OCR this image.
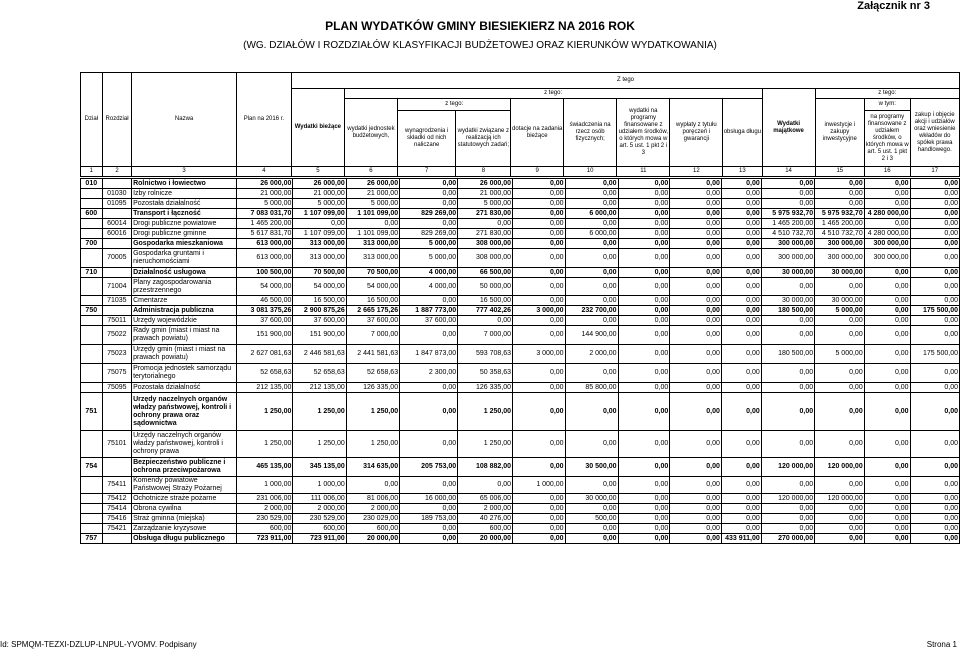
Załącznik nr 3
PLAN WYDATKÓW GMINY BIESIEKIERZ NA 2016 ROK
(WG. DZIAŁÓW I ROZDZIAŁÓW KLASYFIKACJI BUDŻETOWEJ ORAZ KIERUNKÓW WYDATKOWANIA)
Dział	Rozdział	Nazwa	Plan na 2016 r.	Z tego												
				Wydatki bieżące	z tego:								Wydatki majątkowe	z tego:		
					wydatki jednostek budżetowych,	z tego:		dotacje na zadania bieżące	świadczenia na rzecz osób fizycznych;	wydatki na programy finansowane z udziałem środków, o których mowa w art. 5 ust. 1 pkt 2 i 3	wypłaty z tytułu poręczeń i gwarancji	obsługa długu		inwestycje i zakupy inwestycyjne	w tym:	zakup i objęcie akcji i udziałów oraz wniesienie wkładów do spółek prawa handlowego.
						wynagrodzenia i składki od nich naliczane	wydatki związane z realizacją ich statutowych zadań;								na programy finansowane z udziałem środków, o których mowa w art. 5 ust. 1 pkt 2 i 3	
1	2	3	4	5	6	7	8	9	10	11	12	13	14	15	16	17
010		Rolnictwo i łowiectwo	26 000,00	26 000,00	26 000,00	0,00	26 000,00	0,00	0,00	0,00	0,00	0,00	0,00	0,00	0,00	0,00
	01030	Izby rolnicze	21 000,00	21 000,00	21 000,00	0,00	21 000,00	0,00	0,00	0,00	0,00	0,00	0,00	0,00	0,00	0,00
	01095	Pozostała działalność	5 000,00	5 000,00	5 000,00	0,00	5 000,00	0,00	0,00	0,00	0,00	0,00	0,00	0,00	0,00	0,00
600		Transport i łączność	7 083 031,70	1 107 099,00	1 101 099,00	829 269,00	271 830,00	0,00	6 000,00	0,00	0,00	0,00	5 975 932,70	5 975 932,70	4 280 000,00	0,00
	60014	Drogi publiczne powiatowe	1 465 200,00	0,00	0,00	0,00	0,00	0,00	0,00	0,00	0,00	0,00	1 465 200,00	1 465 200,00	0,00	0,00
	60016	Drogi publiczne gminne	5 617 831,70	1 107 099,00	1 101 099,00	829 269,00	271 830,00	0,00	6 000,00	0,00	0,00	0,00	4 510 732,70	4 510 732,70	4 280 000,00	0,00
700		Gospodarka mieszkaniowa	613 000,00	313 000,00	313 000,00	5 000,00	308 000,00	0,00	0,00	0,00	0,00	0,00	300 000,00	300 000,00	300 000,00	0,00
	70005	Gospodarka gruntami i nieruchomościami	613 000,00	313 000,00	313 000,00	5 000,00	308 000,00	0,00	0,00	0,00	0,00	0,00	300 000,00	300 000,00	300 000,00	0,00
710		Działalność usługowa	100 500,00	70 500,00	70 500,00	4 000,00	66 500,00	0,00	0,00	0,00	0,00	0,00	30 000,00	30 000,00	0,00	0,00
	71004	Plany zagospodarowania przestrzennego	54 000,00	54 000,00	54 000,00	4 000,00	50 000,00	0,00	0,00	0,00	0,00	0,00	0,00	0,00	0,00	0,00
	71035	Cmentarze	46 500,00	16 500,00	16 500,00	0,00	16 500,00	0,00	0,00	0,00	0,00	0,00	30 000,00	30 000,00	0,00	0,00
750		Administracja publiczna	3 081 375,26	2 900 875,26	2 665 175,26	1 887 773,00	777 402,26	3 000,00	232 700,00	0,00	0,00	0,00	180 500,00	5 000,00	0,00	175 500,00
	75011	Urzędy wojewódzkie	37 600,00	37 600,00	37 600,00	37 600,00	0,00	0,00	0,00	0,00	0,00	0,00	0,00	0,00	0,00	0,00
	75022	Rady gmin (miast i miast na prawach powiatu)	151 900,00	151 900,00	7 000,00	0,00	7 000,00	0,00	144 900,00	0,00	0,00	0,00	0,00	0,00	0,00	0,00
	75023	Urzędy gmin (miast i miast na prawach powiatu)	2 627 081,63	2 446 581,63	2 441 581,63	1 847 873,00	593 708,63	3 000,00	2 000,00	0,00	0,00	0,00	180 500,00	5 000,00	0,00	175 500,00
	75075	Promocja jednostek samorządu terytorialnego	52 658,63	52 658,63	52 658,63	2 300,00	50 358,63	0,00	0,00	0,00	0,00	0,00	0,00	0,00	0,00	0,00
	75095	Pozostała działalność	212 135,00	212 135,00	126 335,00	0,00	126 335,00	0,00	85 800,00	0,00	0,00	0,00	0,00	0,00	0,00	0,00
751		Urzędy naczelnych organów władzy państwowej, kontroli i ochrony prawa oraz sądownictwa	1 250,00	1 250,00	1 250,00	0,00	1 250,00	0,00	0,00	0,00	0,00	0,00	0,00	0,00	0,00	0,00
	75101	Urzędy naczelnych organów władzy państwowej, kontroli i ochrony prawa	1 250,00	1 250,00	1 250,00	0,00	1 250,00	0,00	0,00	0,00	0,00	0,00	0,00	0,00	0,00	0,00
754		Bezpieczeństwo publiczne i ochrona przeciwpożarowa	465 135,00	345 135,00	314 635,00	205 753,00	108 882,00	0,00	30 500,00	0,00	0,00	0,00	120 000,00	120 000,00	0,00	0,00
	75411	Komendy powiatowe Państwowej Straży Pożarnej	1 000,00	1 000,00	0,00	0,00	0,00	1 000,00	0,00	0,00	0,00	0,00	0,00	0,00	0,00	0,00
	75412	Ochotnicze straże pożarne	231 006,00	111 006,00	81 006,00	16 000,00	65 006,00	0,00	30 000,00	0,00	0,00	0,00	120 000,00	120 000,00	0,00	0,00
	75414	Obrona cywilna	2 000,00	2 000,00	2 000,00	0,00	2 000,00	0,00	0,00	0,00	0,00	0,00	0,00	0,00	0,00	0,00
	75416	Straż gminna (miejska)	230 529,00	230 529,00	230 029,00	189 753,00	40 276,00	0,00	500,00	0,00	0,00	0,00	0,00	0,00	0,00	0,00
	75421	Zarządzanie kryzysowe	600,00	600,00	600,00	0,00	600,00	0,00	0,00	0,00	0,00	0,00	0,00	0,00	0,00	0,00
757		Obsługa długu publicznego	723 911,00	723 911,00	20 000,00	0,00	20 000,00	0,00	0,00	0,00	0,00	433 911,00	270 000,00	0,00	0,00	0,00
Id: SPMQM-TEZXI-DZLUP-LNPUL-YVOMV. Podpisany	Strona 1
